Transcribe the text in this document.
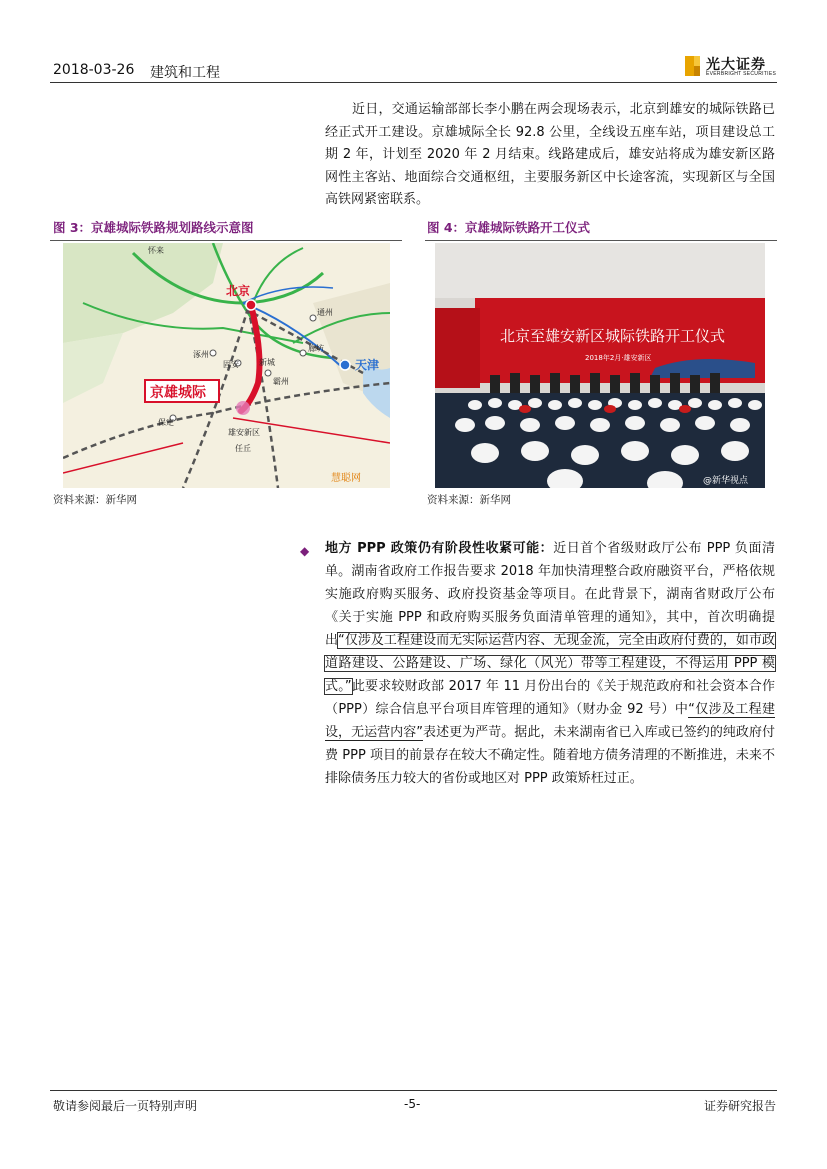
2018-03-26 建筑和工程	光大证券
EVERBRIGHT SECURITIES
近日，交通运输部部长李小鹏在两会现场表示，北京到雄安的城际铁路已经正式开工建设。京雄城际全长 92.8 公里，全线设五座车站，项目建设总工期 2 年，计划至 2020 年 2 月结束。线路建成后，雄安站将成为雄安新区路网性主客站、地面综合交通枢纽，主要服务新区中长途客流，实现新区与全国高铁网紧密联系。
图 3：京雄城际铁路规划路线示意图
北京
天津
京雄城际
雄安新区
通州
廊坊
涿州
固安
霸州
新城
保定
任丘
怀来
慧聪网
资料来源：新华网
图 4：京雄城际铁路开工仪式
北京至雄安新区城际铁路开工仪式
2018年2月·雄安新区
@新华视点
资料来源：新华网
◆ 地方 PPP 政策仍有阶段性收紧可能：近日首个省级财政厅公布 PPP 负面清单。湖南省政府工作报告要求 2018 年加快清理整合政府融资平台，严格依规实施政府购买服务、政府投资基金等项目。在此背景下，湖南省财政厅公布《关于实施 PPP 和政府购买服务负面清单管理的通知》，其中，首次明确提出“仅涉及工程建设而无实际运营内容、无现金流，完全由政府付费的，如市政道路建设、公路建设、广场、绿化（风光）带等工程建设，不得运用 PPP 模式。”此要求较财政部 2017 年 11 月份出台的《关于规范政府和社会资本合作（PPP）综合信息平台项目库管理的通知》（财办金 92 号）中“仅涉及工程建设，无运营内容”表述更为严苛。据此，未来湖南省已入库或已签约的纯政府付费 PPP 项目的前景存在较大不确定性。随着地方债务清理的不断推进，未来不排除债务压力较大的省份或地区对 PPP 政策矫枉过正。
敬请参阅最后一页特别声明	-5-	证券研究报告
